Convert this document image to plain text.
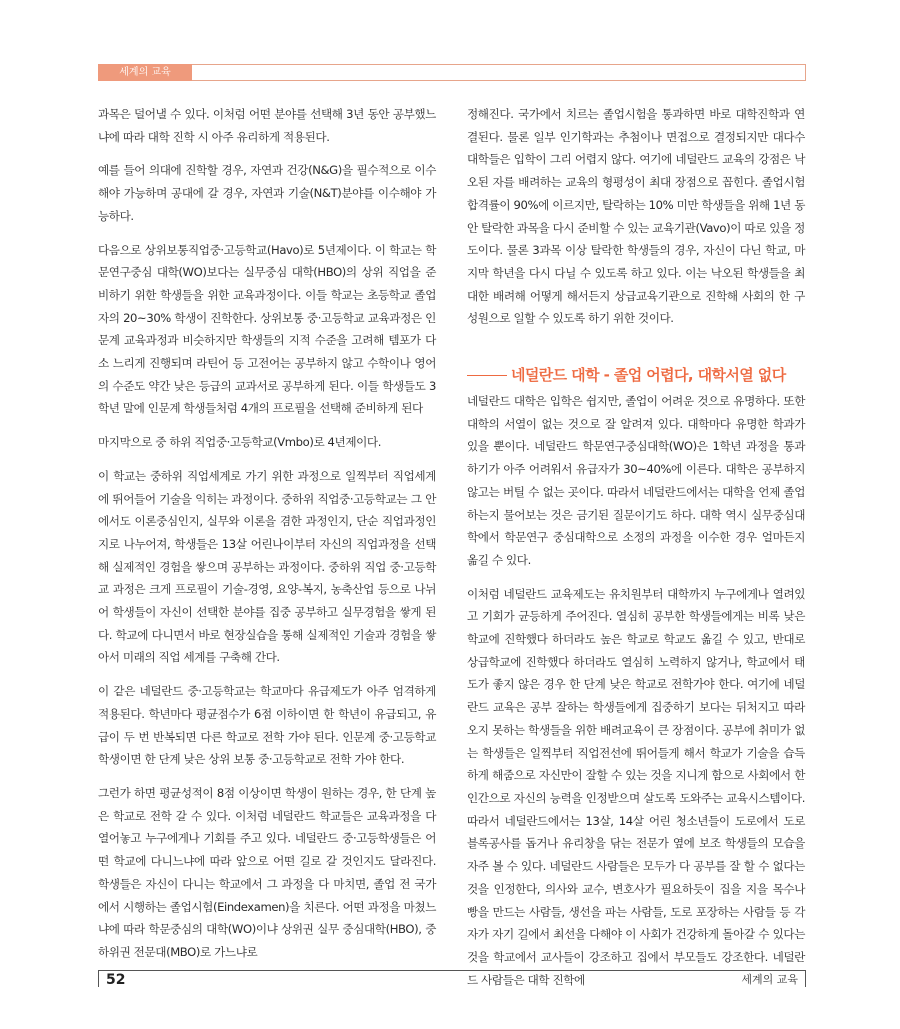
세계의 교육

과목은 덜어낼 수 있다. 이처럼 어떤 분야를 선택해 3년 동안 공부했느냐에 따라 대학 진학 시 아주 유리하게 적용된다.

예를 들어 의대에 진학할 경우, 자연과 건강(N&G)을 필수적으로 이수해야 가능하며 공대에 갈 경우, 자연과 기술(N&T)분야를 이수해야 가능하다.

다음으로 상위보통직업중·고등학교(Havo)로 5년제이다. 이 학교는 학문연구중심 대학(WO)보다는 실무중심 대학(HBO)의 상위 직업을 준비하기 위한 학생들을 위한 교육과정이다. 이들 학교는 초등학교 졸업자의 20~30% 학생이 진학한다. 상위보통 중·고등학교 교육과정은 인문계 교육과정과 비슷하지만 학생들의 지적 수준을 고려해 템포가 다소 느리게 진행되며 라틴어 등 고전어는 공부하지 않고 수학이나 영어의 수준도 약간 낮은 등급의 교과서로 공부하게 된다. 이들 학생들도 3학년 말에 인문계 학생들처럼 4개의 프로필을 선택해 준비하게 된다

마지막으로 중 하위 직업중·고등학교(Vmbo)로 4년제이다.

이 학교는 중하위 직업세계로 가기 위한 과정으로 일찍부터 직업세계에 뛰어들어 기술을 익히는 과정이다. 중하위 직업중·고등학교는 그 안에서도 이론중심인지, 실무와 이론을 겸한 과정인지, 단순 직업과정인지로 나누어져, 학생들은 13살 어린나이부터 자신의 직업과정을 선택해 실제적인 경험을 쌓으며 공부하는 과정이다. 중하위 직업 중·고등학교 과정은 크게 프로필이 기술-경영, 요양-복지, 농축산업 등으로 나뉘어 학생들이 자신이 선택한 분야를 집중 공부하고 실무경험을 쌓게 된다. 학교에 다니면서 바로 현장실습을 통해 실제적인 기술과 경험을 쌓아서 미래의 직업 세계를 구축해 간다.

이 같은 네덜란드 중·고등학교는 학교마다 유급제도가 아주 엄격하게 적용된다. 학년마다 평균점수가 6점 이하이면 한 학년이 유급되고, 유급이 두 번 반복되면 다른 학교로 전학 가야 된다. 인문계 중·고등학교 학생이면 한 단계 낮은 상위 보통 중·고등학교로 전학 가야 한다.

그런가 하면 평균성적이 8점 이상이면 학생이 원하는 경우, 한 단계 높은 학교로 전학 갈 수 있다. 이처럼 네덜란드 학교들은 교육과정을 다 열어놓고 누구에게나 기회를 주고 있다. 네덜란드 중·고등학생들은 어떤 학교에 다니느냐에 따라 앞으로 어떤 길로 갈 것인지도 달라진다. 학생들은 자신이 다니는 학교에서 그 과정을 다 마치면, 졸업 전 국가에서 시행하는 졸업시험(Eindexamen)을 치른다. 어떤 과정을 마쳤느냐에 따라 학문중심의 대학(WO)이냐 상위권 실무 중심대학(HBO), 중하위권 전문대(MBO)로 가느냐로

정해진다. 국가에서 치르는 졸업시험을 통과하면 바로 대학진학과 연결된다. 물론 일부 인기학과는 추첨이나 면접으로 결정되지만 대다수 대학들은 입학이 그리 어렵지 않다. 여기에 네덜란드 교육의 강점은 낙오된 자를 배려하는 교육의 형평성이 최대 장점으로 꼽힌다. 졸업시험 합격률이 90%에 이르지만, 탈락하는 10% 미만 학생들을 위해 1년 동안 탈락한 과목을 다시 준비할 수 있는 교육기관(Vavo)이 따로 있을 정도이다. 물론 3과목 이상 탈락한 학생들의 경우, 자신이 다닌 학교, 마지막 학년을 다시 다닐 수 있도록 하고 있다. 이는 낙오된 학생들을 최대한 배려해 어떻게 해서든지 상급교육기관으로 진학해 사회의 한 구성원으로 일할 수 있도록 하기 위한 것이다.

네덜란드 대학 - 졸업 어렵다, 대학서열 없다

네덜란드 대학은 입학은 쉽지만, 졸업이 어려운 것으로 유명하다. 또한 대학의 서열이 없는 것으로 잘 알려져 있다. 대학마다 유명한 학과가 있을 뿐이다. 네덜란드 학문연구중심대학(WO)은 1학년 과정을 통과하기가 아주 어려워서 유급자가 30~40%에 이른다. 대학은 공부하지 않고는 버틸 수 없는 곳이다. 따라서 네덜란드에서는 대학을 언제 졸업하는지 물어보는 것은 금기된 질문이기도 하다. 대학 역시 실무중심대학에서 학문연구 중심대학으로 소정의 과정을 이수한 경우 얼마든지 옮길 수 있다.

이처럼 네덜란드 교육제도는 유치원부터 대학까지 누구에게나 열려있고 기회가 균등하게 주어진다. 열심히 공부한 학생들에게는 비록 낮은 학교에 진학했다 하더라도 높은 학교로 학교도 옮길 수 있고, 반대로 상급학교에 진학했다 하더라도 열심히 노력하지 않거나, 학교에서 태도가 좋지 않은 경우 한 단계 낮은 학교로 전학가야 한다. 여기에 네덜란드 교육은 공부 잘하는 학생들에게 집중하기 보다는 뒤처지고 따라오지 못하는 학생들을 위한 배려교육이 큰 장점이다. 공부에 취미가 없는 학생들은 일찍부터 직업전선에 뛰어들게 해서 학교가 기술을 습득하게 해줌으로 자신만이 잘할 수 있는 것을 지니게 함으로 사회에서 한 인간으로 자신의 능력을 인정받으며 살도록 도와주는 교육시스템이다. 따라서 네덜란드에서는 13살, 14살 어린 청소년들이 도로에서 도로 블록공사를 돕거나 유리창을 닦는 전문가 옆에 보조 학생들의 모습을 자주 볼 수 있다. 네덜란드 사람들은 모두가 다 공부를 잘 할 수 없다는 것을 인정한다, 의사와 교수, 변호사가 필요하듯이 집을 지을 목수나 빵을 만드는 사람들, 생선을 파는 사람들, 도로 포장하는 사람들 등 각 자가 자기 길에서 최선을 다해야 이 사회가 건강하게 돌아갈 수 있다는 것을 학교에서 교사들이 강조하고 집에서 부모들도 강조한다. 네덜란드 사람들은 대학 진학에

52	세계의 교육
